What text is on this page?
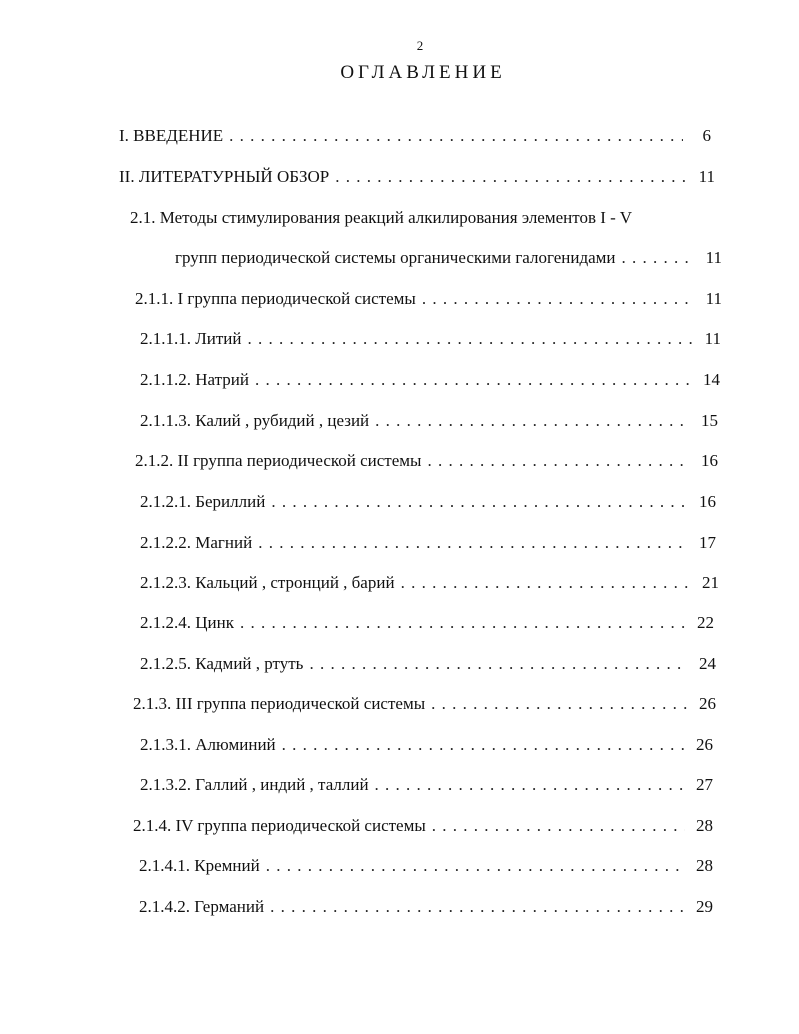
2
ОГЛАВЛЕНИЕ
I. ВВЕДЕНИЕ . . .	6
II. ЛИТЕРАТУРНЫЙ ОБЗОР . . .	11
2.1. Методы стимулирования реакций алкилирования элементов I - V
групп периодической системы органическими галогенидами . . .	11
2.1.1. I группа периодической системы . . .	11
2.1.1.1. Литий . . .	11
2.1.1.2. Натрий . . .	14
2.1.1.3. Калий , рубидий , цезий . . .	15
2.1.2. II группа периодической системы . . .	16
2.1.2.1. Бериллий . . .	16
2.1.2.2. Магний . . .	17
2.1.2.3. Кальций , стронций , барий . . .	21
2.1.2.4. Цинк . . .	22
2.1.2.5. Кадмий , ртуть . . .	24
2.1.3. III группа периодической системы . . .	26
2.1.3.1. Алюминий . . .	26
2.1.3.2. Галлий , индий , таллий . . .	27
2.1.4. IV группа периодической системы . . .	28
2.1.4.1. Кремний . . .	28
2.1.4.2. Германий . . .	29
